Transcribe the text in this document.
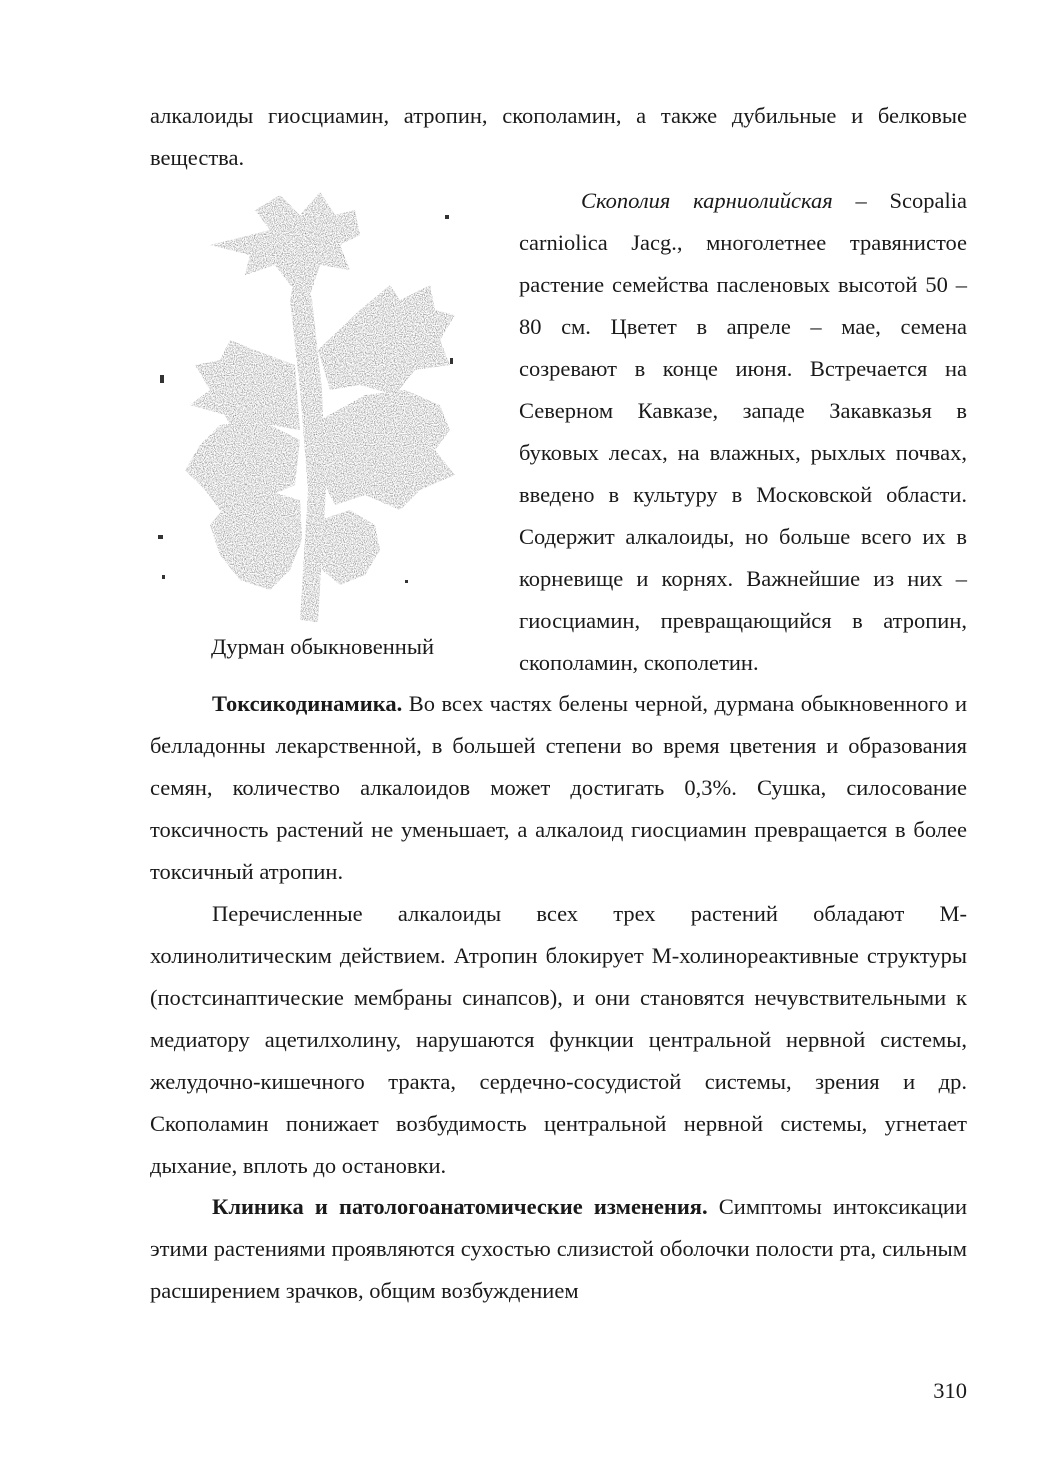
алкалоиды гиосциамин, атропин, скополамин, а также дубильные и белковые вещества.

Дурман обыкновенный

Скополия карниолийская – Scopalia carniolica Jacg., многолетнее травянистое растение семейства пасленовых высотой 50 – 80 см. Цветет в апреле – мае, семена созревают в конце июня. Встречается на Северном Кавказе, западе Закавказья в буковых лесах, на влажных, рыхлых почвах, введено в культуру в Московской области. Содержит алкалоиды, но больше всего их в корневище и корнях. Важнейшие из них – гиосциамин, превращающийся в атропин, скополамин, скополетин.

Токсикодинамика. Во всех частях белены черной, дурмана обыкновенного и белладонны лекарственной, в большей степени во время цветения и образования семян, количество алкалоидов может достигать 0,3%. Сушка, силосование токсичность растений не уменьшает, а алкалоид гиосциамин превращается в более токсичный атропин.

Перечисленные алкалоиды всех трех растений обладают М-холинолитическим действием. Атропин блокирует М-холинореактивные структуры (постсинаптические мембраны синапсов), и они становятся нечувствительными к медиатору ацетилхолину, нарушаются функции центральной нервной системы, желудочно-кишечного тракта, сердечно-сосудистой системы, зрения и др. Скополамин понижает возбудимость центральной нервной системы, угнетает дыхание, вплоть до остановки.

Клиника и патологоанатомические изменения. Симптомы интоксикации этими растениями проявляются сухостью слизистой оболочки полости рта, сильным расширением зрачков, общим возбуждением

310
